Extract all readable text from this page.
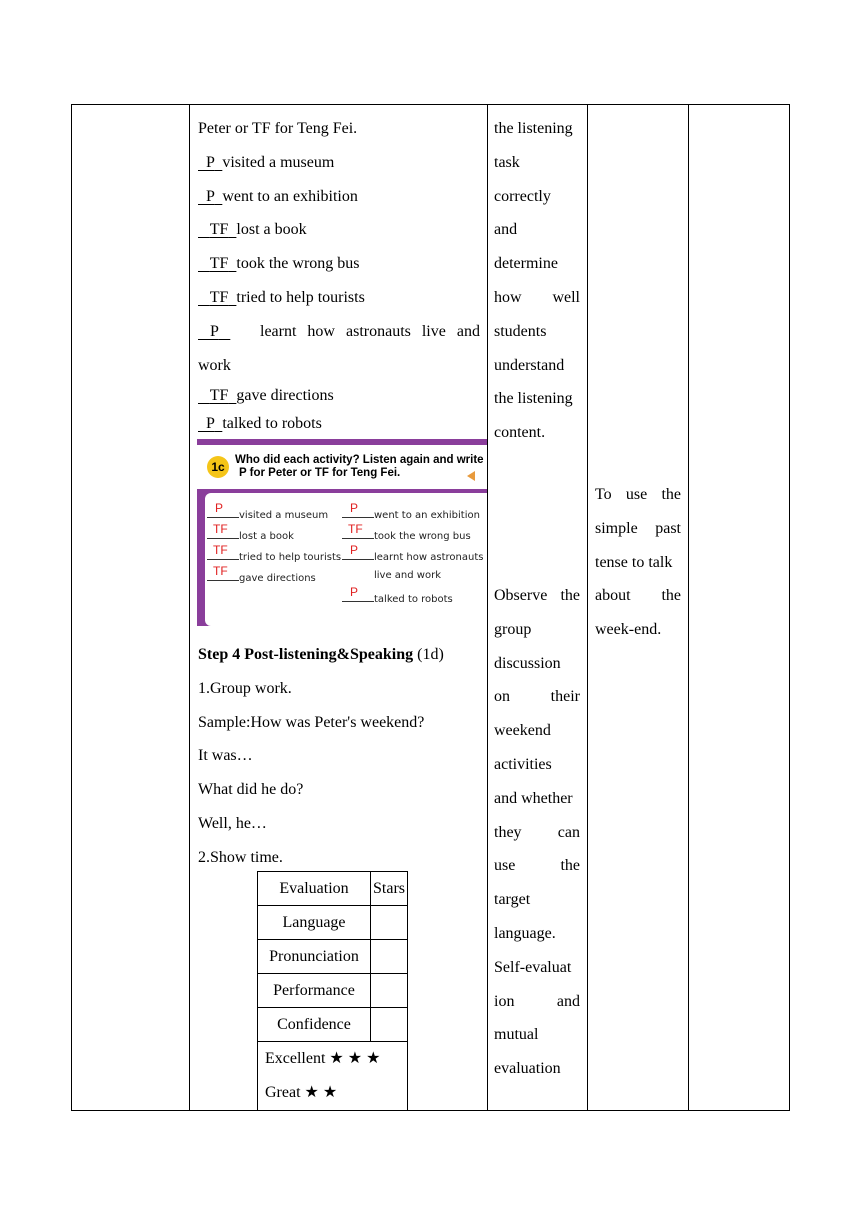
Peter or TF for Teng Fei.
P visited a museum
P went to an exhibition
TF lost a book
TF took the wrong bus
TF tried to help tourists
P	learnt how astronauts live and
work
TF gave directions
P talked to robots
1c Who did each activity? Listen again and write
P for Peter or TF for Teng Fei.
P
visited a museum
TF
lost a book
TF
tried to help tourists
TF
gave directions
P
went to an exhibition
TF
took the wrong bus
P
learnt how astronauts
live and work
P
talked to robots
Step 4 Post-listening&Speaking (1d)
1.Group work.
Sample:How was Peter's weekend?
It was…
What did he do?
Well, he…
2.Show time.
Evaluation	Stars
Language	
Pronunciation	
Performance	
Confidence	

Excellent ★ ★ ★
Great ★ ★	
the listening
task
correctly
and
determine
how well
students
understand
the listening
content.
Observe the
group
discussion
on	their
weekend
activities
and whether
they can
use	the
target
language.
Self-evaluat
ion	and
mutual
evaluation
To use the
simple past
tense to talk
about the
week-end.
